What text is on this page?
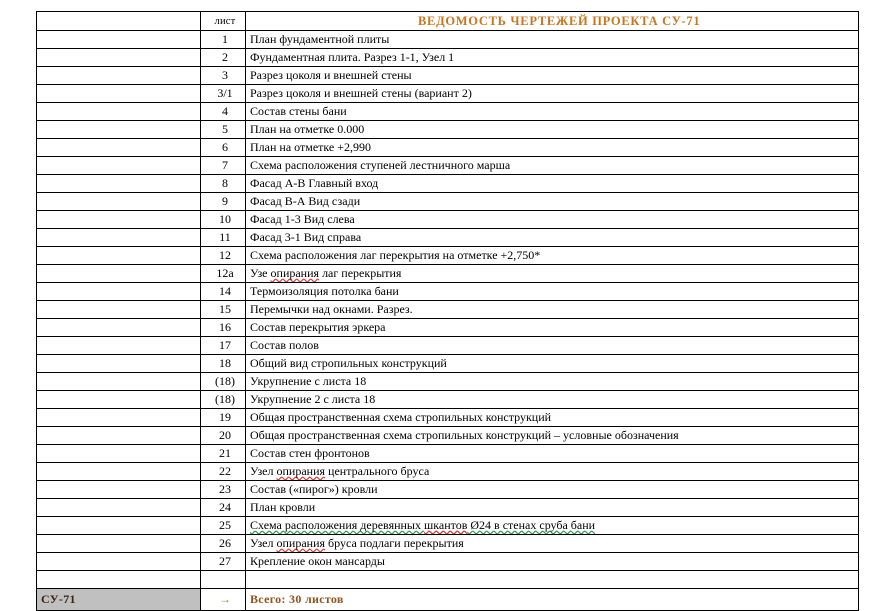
	лист	ВЕДОМОСТЬ ЧЕРТЕЖЕЙ ПРОЕКТА СУ-71

	1	План фундаментной плиты
	2	Фундаментная плита. Разрез 1-1, Узел 1
	3	Разрез цоколя и внешней стены
	3/1	Разрез цоколя и внешней стены (вариант 2)
	4	Состав стены бани
	5	План на отметке 0.000
	6	План на отметке +2,990
	7	Схема расположения ступеней лестничного марша
	8	Фасад А-В Главный вход
	9	Фасад В-А Вид сзади
	10	Фасад 1-3 Вид слева
	11	Фасад 3-1 Вид справа
	12	Схема расположения лаг перекрытия на отметке +2,750*
	12а	Узе опирания лаг перекрытия
	14	Термоизоляция потолка бани
	15	Перемычки над окнами. Разрез.
	16	Состав перекрытия эркера
	17	Состав полов
	18	Общий вид стропильных конструкций
	(18)	Укрупнение с листа 18
	(18)	Укрупнение 2 с листа 18
	19	Общая пространственная схема стропильных конструкций
	20	Общая пространственная схема стропильных конструкций – условные обозначения
	21	Состав стен фронтонов
	22	Узел опирания центрального бруса
	23	Состав («пирог») кровли
	24	План кровли
	25	Схема расположения деревянных шкантов Ø24 в стенах сруба бани
	26	Узел опирания бруса подлаги перекрытия
	27	Крепление окон мансарды

СУ-71	→	Всего: 30 листов
